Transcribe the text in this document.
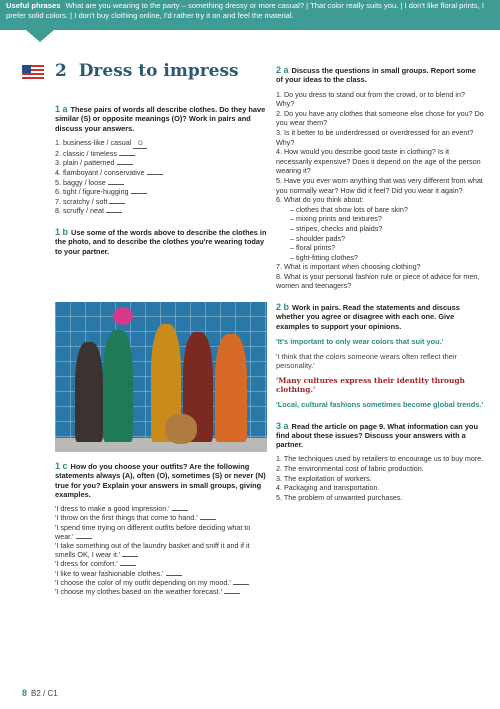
Useful phrases What are you wearing to the party – something dressy or more casual? | That color really suits you. | I don't like floral prints, I prefer solid colors. | I don't buy clothing online, I'd rather try it on and feel the material.
2 Dress to impress
1 a These pairs of words all describe clothes. Do they have similar (S) or opposite meanings (O)? Work in pairs and discuss your answers.
1. business-like / casual O
2. classic / timeless
3. plain / patterned
4. flamboyant / conservative
5. baggy / loose
6. tight / figure-hugging
7. scratchy / soft
8. scruffy / neat
1 b Use some of the words above to describe the clothes in the photo, and to describe the clothes you're wearing today to your partner.
1 c How do you choose your outfits? Are the following statements always (A), often (O), sometimes (S) or never (N) true for you? Explain your answers in small groups, giving examples.

'I dress to make a good impression.'

'I throw on the first things that come to hand.'

'I spend time trying on different outfits before deciding what to wear.'

'I take something out of the laundry basket and sniff it and if it smells OK, I wear it.'

'I dress for comfort.'

'I like to wear fashionable clothes.'

'I choose the color of my outfit depending on my mood.'

'I choose my clothes based on the weather forecast.'

2 a Discuss the questions in small groups. Report some of your ideas to the class.
1. Do you dress to stand out from the crowd, or to blend in? Why?
2. Do you have any clothes that someone else chose for you? Do you wear them?
3. Is it better to be underdressed or overdressed for an event? Why?
4. How would you describe good taste in clothing? Is it necessarily expensive? Does it depend on the age of the person wearing it?
5. Have you ever worn anything that was very different from what you normally wear? How did it feel? Did you wear it again?
6. What do you think about:
– clothes that show lots of bare skin?
– mixing prints and textures?
– stripes, checks and plaids?
– shoulder pads?
– floral prints?
– tight-fitting clothes?
7. What is important when choosing clothing?
8. What is your personal fashion rule or piece of advice for men, women and teenagers?
2 b Work in pairs. Read the statements and discuss whether you agree or disagree with each one. Give examples to support your opinions.
'It's important to only wear colors that suit you.'
'I think that the colors someone wears often reflect their personality.'
'Many cultures express their identity through clothing.'
'Local, cultural fashions sometimes become global trends.'
3 a Read the article on page 9. What information can you find about these issues? Discuss your answers with a partner.
1. The techniques used by retailers to encourage us to buy more.
2. The environmental cost of fabric production.
3. The exploitation of workers.
4. Packaging and transportation.
5. The problem of unwanted purchases.
8 B2 / C1
